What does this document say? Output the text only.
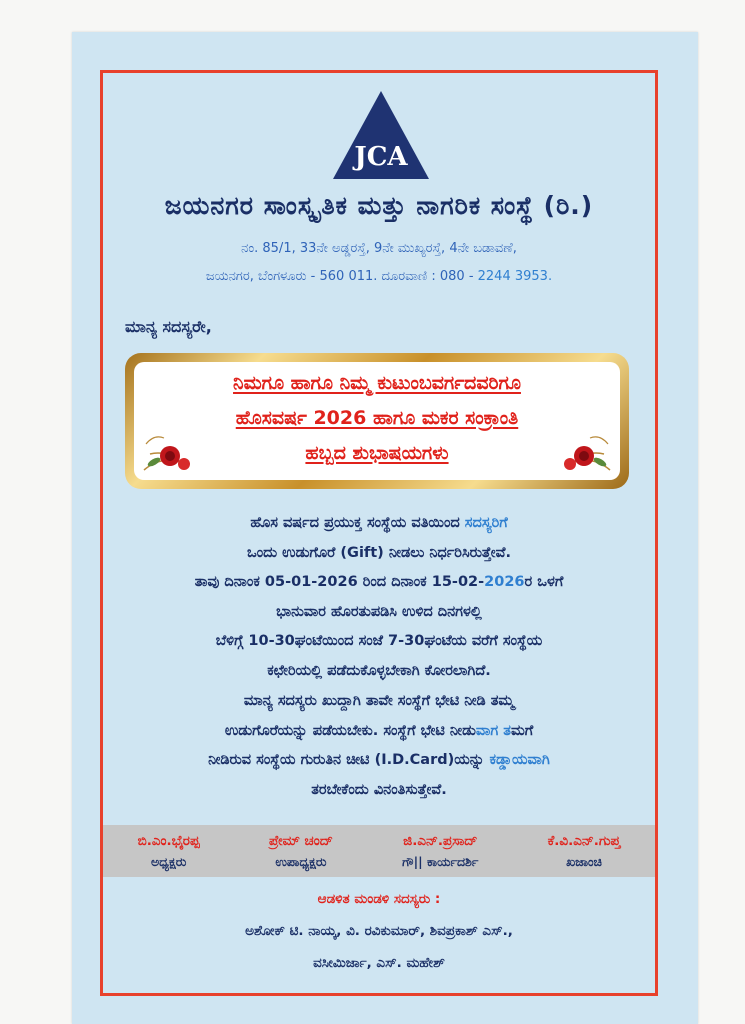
JCA
ಜಯನಗರ ಸಾಂಸ್ಕೃತಿಕ ಮತ್ತು ನಾಗರಿಕ ಸಂಸ್ಥೆ (ರಿ.)
ನಂ. 85/1, 33ನೇ ಅಡ್ಡರಸ್ತೆ, 9ನೇ ಮುಖ್ಯರಸ್ತೆ, 4ನೇ ಬಡಾವಣೆ,
ಜಯನಗರ, ಬೆಂಗಳೂರು - 560 011. ದೂರವಾಣಿ : 080 - 2244 3953.
ಮಾನ್ಯ ಸದಸ್ಯರೇ,
ನಿಮಗೂ ಹಾಗೂ ನಿಮ್ಮ ಕುಟುಂಬವರ್ಗದವರಿಗೂ
ಹೊಸವರ್ಷ 2026 ಹಾಗೂ ಮಕರ ಸಂಕ್ರಾಂತಿ
ಹಬ್ಬದ ಶುಭಾಷಯಗಳು
ಹೊಸ ವರ್ಷದ ಪ್ರಯುಕ್ತ ಸಂಸ್ಥೆಯ ವತಿಯಿಂದ ಸದಸ್ಯರಿಗೆ
ಒಂದು ಉಡುಗೊರೆ (Gift) ನೀಡಲು ನಿರ್ಧರಿಸಿರುತ್ತೇವೆ.
ತಾವು ದಿನಾಂಕ 05-01-2026 ರಿಂದ ದಿನಾಂಕ 15-02-2026ರ ಒಳಗೆ
ಭಾನುವಾರ ಹೊರತುಪಡಿಸಿ ಉಳಿದ ದಿನಗಳಲ್ಲಿ
ಬೆಳಿಗ್ಗೆ 10-30ಘಂಟೆಯಿಂದ ಸಂಜೆ 7-30ಘಂಟೆಯ ವರೆಗೆ ಸಂಸ್ಥೆಯ
ಕಛೇರಿಯಲ್ಲಿ ಪಡೆದುಕೊಳ್ಳಬೇಕಾಗಿ ಕೋರಲಾಗಿದೆ.
ಮಾನ್ಯ ಸದಸ್ಯರು ಖುದ್ದಾಗಿ ತಾವೇ ಸಂಸ್ಥೆಗೆ ಭೇಟಿ ನೀಡಿ ತಮ್ಮ
ಉಡುಗೊರೆಯನ್ನು ಪಡೆಯಬೇಕು. ಸಂಸ್ಥೆಗೆ ಭೇಟಿ ನೀಡುವಾಗ ತಮಗೆ
ನೀಡಿರುವ ಸಂಸ್ಥೆಯ ಗುರುತಿನ ಚೀಟಿ (I.D.Card)ಯನ್ನು ಕಡ್ಡಾಯವಾಗಿ
ತರಬೇಕೆಂದು ವಿನಂತಿಸುತ್ತೇವೆ.
ಬಿ.ಎಂ.ಭೈರಪ್ಪ
ಅಧ್ಯಕ್ಷರು
ಪ್ರೇಮ್ ಚಂದ್
ಉಪಾಧ್ಯಕ್ಷರು
ಜಿ.ಎನ್.ಪ್ರಸಾದ್
ಗೌ|| ಕಾರ್ಯದರ್ಶಿ
ಕೆ.ವಿ.ಎನ್.ಗುಪ್ತ
ಖಜಾಂಚಿ
ಆಡಳಿತ ಮಂಡಳಿ ಸದಸ್ಯರು :
ಅಶೋಕ್ ಟಿ. ನಾಯ್ಕ, ವಿ. ರವಿಕುಮಾರ್, ಶಿವಪ್ರಕಾಶ್ ಎಸ್.,
ವಸೀಮಿರ್ಜಾ, ಎಸ್. ಮಹೇಶ್
